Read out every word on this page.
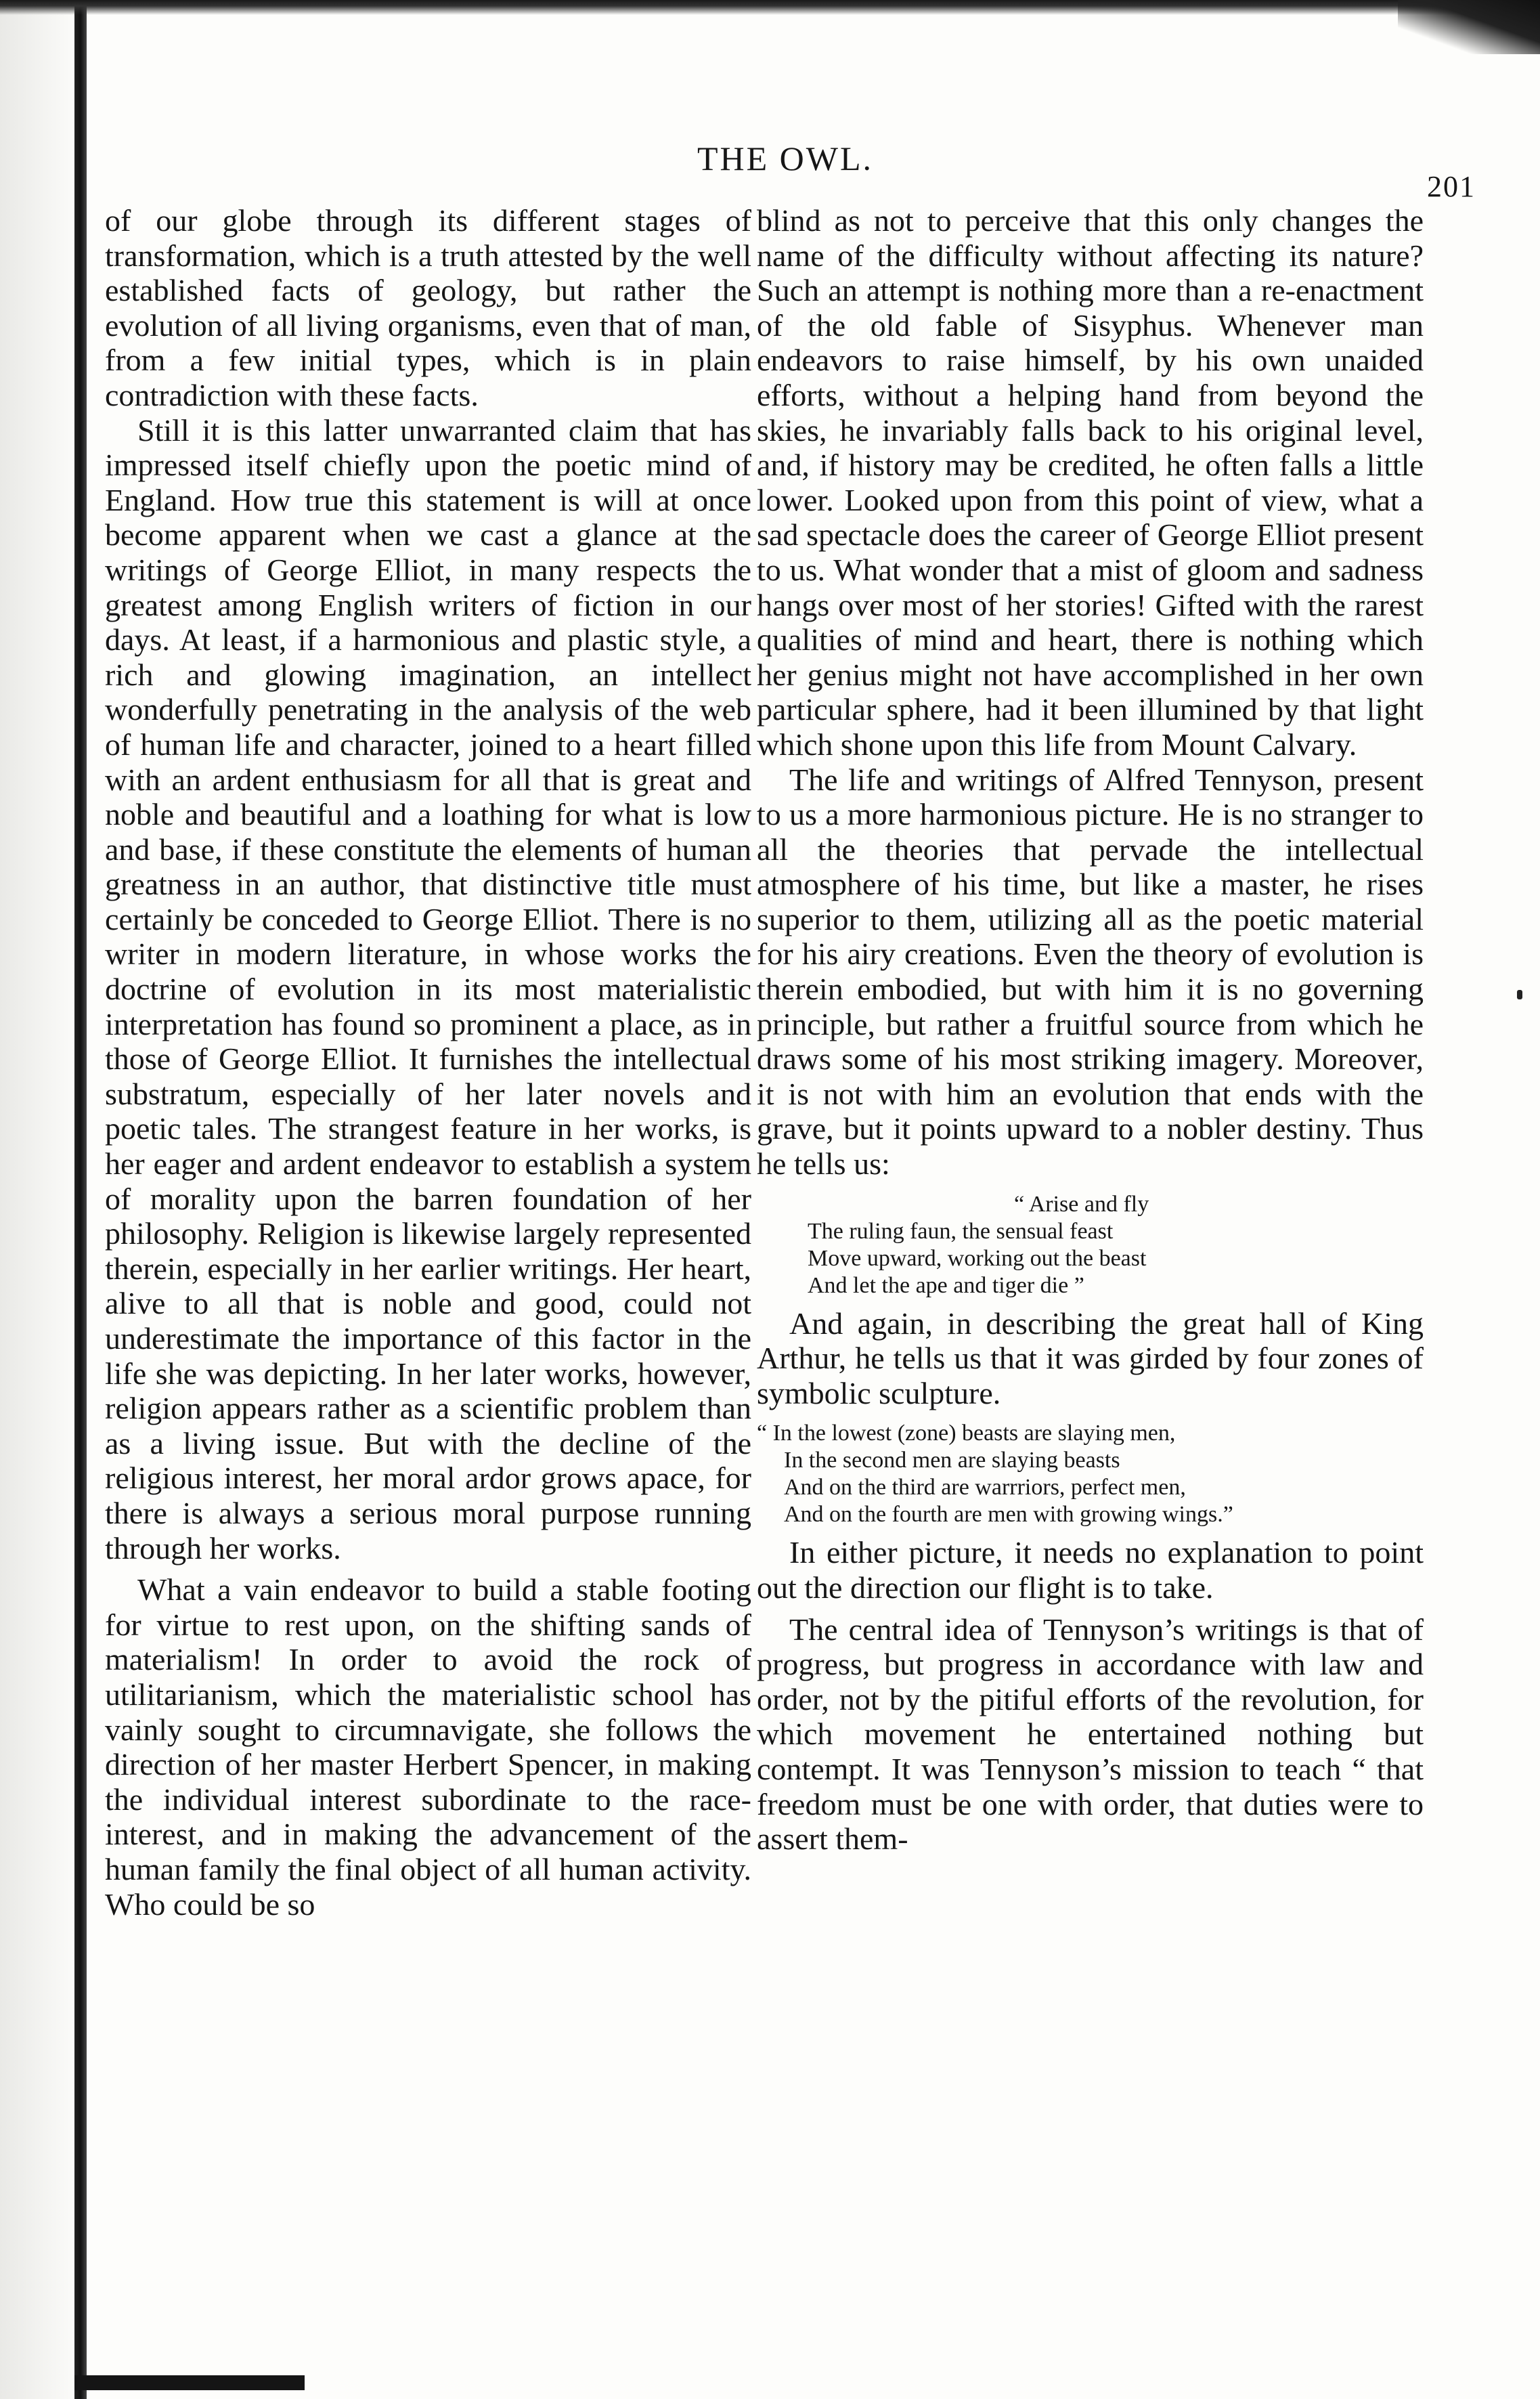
THE OWL.
201

of our globe through its different stages of transformation, which is a truth attested by the well established facts of geology, but rather the evolution of all living organisms, even that of man, from a few initial types, which is in plain contradiction with these facts.

Still it is this latter unwarranted claim that has impressed itself chiefly upon the poetic mind of England. How true this statement is will at once become apparent when we cast a glance at the writings of George Elliot, in many respects the greatest among English writers of fiction in our days. At least, if a harmonious and plastic style, a rich and glowing imagination, an intellect wonderfully penetrating in the analysis of the web of human life and character, joined to a heart filled with an ardent enthusiasm for all that is great and noble and beautiful and a loathing for what is low and base, if these constitute the elements of human greatness in an author, that distinctive title must certainly be conceded to George Elliot. There is no writer in modern literature, in whose works the doctrine of evolution in its most materialistic interpretation has found so prominent a place, as in those of George Elliot. It furnishes the intellectual substratum, especially of her later novels and poetic tales. The strangest feature in her works, is her eager and ardent endeavor to establish a system of morality upon the barren foundation of her philosophy. Religion is likewise largely represented therein, especially in her earlier writings. Her heart, alive to all that is noble and good, could not underestimate the importance of this factor in the life she was depicting. In her later works, however, religion appears rather as a scientific problem than as a living issue. But with the decline of the religious interest, her moral ardor grows apace, for there is always a serious moral purpose running through her works.

What a vain endeavor to build a stable footing for virtue to rest upon, on the shifting sands of materialism! In order to avoid the rock of utilitarianism, which the materialistic school has vainly sought to circumnavigate, she follows the direction of her master Herbert Spencer, in making the individual interest subordinate to the race-interest, and in making the advancement of the human family the final object of all human activity. Who could be so

blind as not to perceive that this only changes the name of the difficulty without affecting its nature? Such an attempt is nothing more than a re-enactment of the old fable of Sisyphus. Whenever man endeavors to raise himself, by his own unaided efforts, without a helping hand from beyond the skies, he invariably falls back to his original level, and, if history may be credited, he often falls a little lower. Looked upon from this point of view, what a sad spectacle does the career of George Elliot present to us. What wonder that a mist of gloom and sadness hangs over most of her stories! Gifted with the rarest qualities of mind and heart, there is nothing which her genius might not have accomplished in her own particular sphere, had it been illumined by that light which shone upon this life from Mount Calvary.

The life and writings of Alfred Tennyson, present to us a more harmonious picture. He is no stranger to all the theories that pervade the intellectual atmosphere of his time, but like a master, he rises superior to them, utilizing all as the poetic material for his airy creations. Even the theory of evolution is therein embodied, but with him it is no governing principle, but rather a fruitful source from which he draws some of his most striking imagery. Moreover, it is not with him an evolution that ends with the grave, but it points upward to a nobler destiny. Thus he tells us:

“ Arise and fly
The ruling faun, the sensual feast
Move upward, working out the beast
And let the ape and tiger die ”

And again, in describing the great hall of King Arthur, he tells us that it was girded by four zones of symbolic sculpture.

“ In the lowest (zone) beasts are slaying men,
In the second men are slaying beasts
And on the third are warrriors, perfect men,
And on the fourth are men with growing wings.”

In either picture, it needs no explanation to point out the direction our flight is to take.

The central idea of Tennyson’s writings is that of progress, but progress in accordance with law and order, not by the pitiful efforts of the revolution, for which movement he entertained nothing but contempt. It was Tennyson’s mission to teach “ that freedom must be one with order, that duties were to assert them-
